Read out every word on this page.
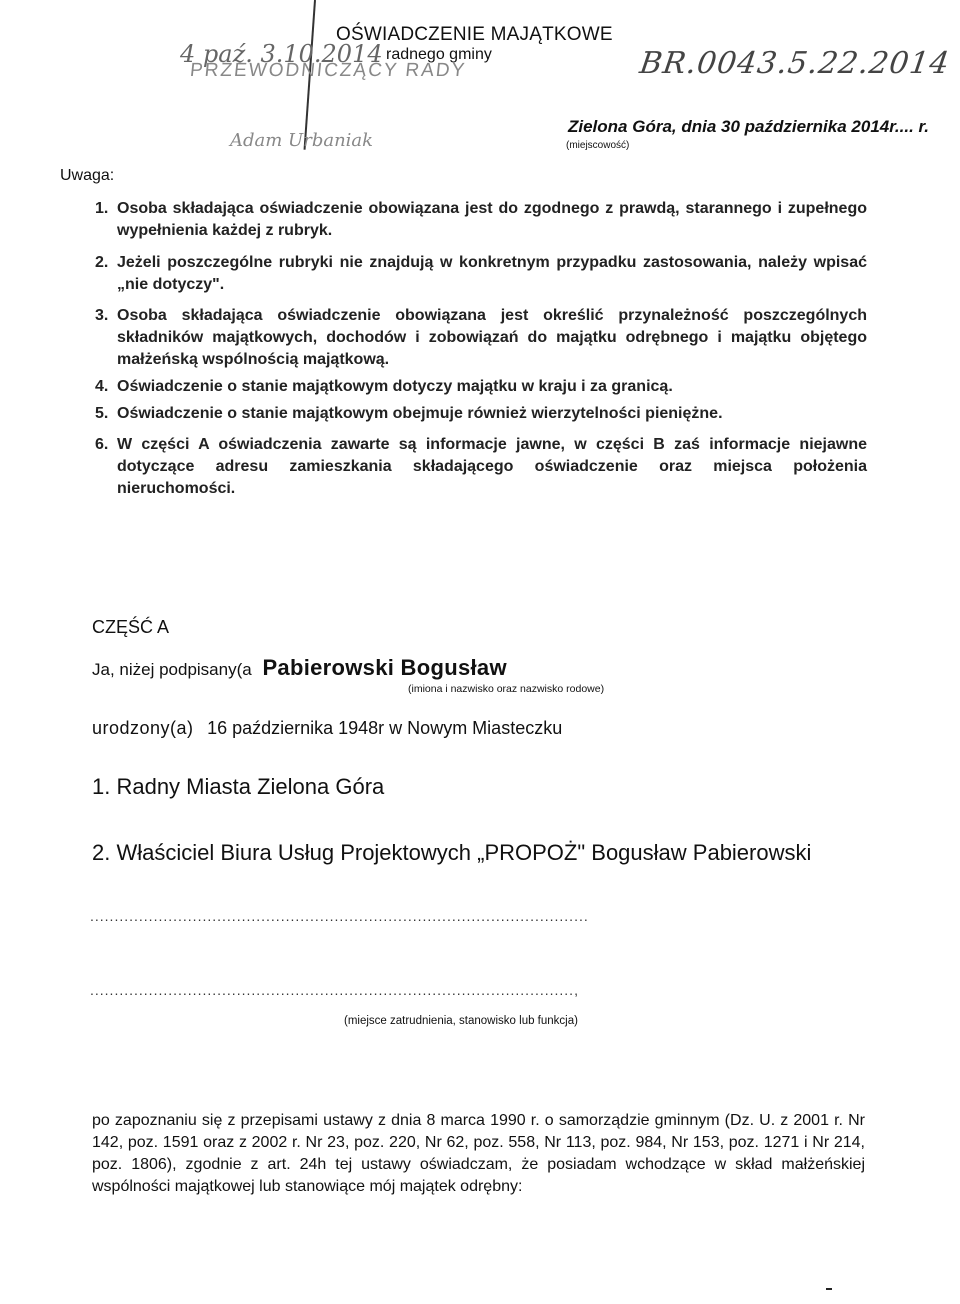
4 paź. 3.10.2014
PRZEWODNICZĄCY RADY
Adam Urbaniak
OŚWIADCZENIE MAJĄTKOWE
radnego gminy	BR.0043.5.22.2014
Zielona Góra, dnia 30 października 2014r.... r.
(miejscowość)
Uwaga:
1. Osoba składająca oświadczenie obowiązana jest do zgodnego z prawdą, starannego i zupełnego wypełnienia każdej z rubryk.
2. Jeżeli poszczególne rubryki nie znajdują w konkretnym przypadku zastosowania, należy wpisać „nie dotyczy".
3. Osoba składająca oświadczenie obowiązana jest określić przynależność poszczególnych składników majątkowych, dochodów i zobowiązań do majątku odrębnego i majątku objętego małżeńską wspólnością majątkową.
4. Oświadczenie o stanie majątkowym dotyczy majątku w kraju i za granicą.
5. Oświadczenie o stanie majątkowym obejmuje również wierzytelności pieniężne.
6. W części A oświadczenia zawarte są informacje jawne, w części B zaś informacje niejawne dotyczące adresu zamieszkania składającego oświadczenie oraz miejsca położenia nieruchomości.
CZĘŚĆ A
Ja, niżej podpisany(a Pabierowski Bogusław
(imiona i nazwisko oraz nazwisko rodowe)
urodzony(a) 16 października 1948r w Nowym Miasteczku
1. Radny Miasta Zielona Góra
2. Właściciel Biura Usług Projektowych „PROPOŻ" Bogusław Pabierowski
......................................................................................................
...................................................................................................,
(miejsce zatrudnienia, stanowisko lub funkcja)
po zapoznaniu się z przepisami ustawy z dnia 8 marca 1990 r. o samorządzie gminnym (Dz. U. z 2001 r. Nr 142, poz. 1591 oraz z 2002 r. Nr 23, poz. 220, Nr 62, poz. 558, Nr 113, poz. 984, Nr 153, poz. 1271 i Nr 214, poz. 1806), zgodnie z art. 24h tej ustawy oświadczam, że posiadam wchodzące w skład małżeńskiej wspólności majątkowej lub stanowiące mój majątek odrębny:
